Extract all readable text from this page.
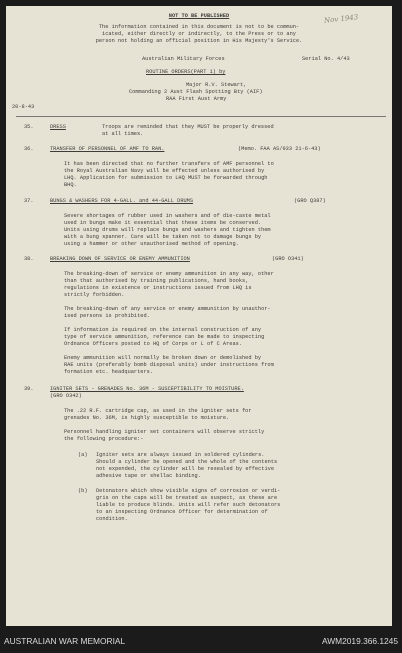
Nov 1943
NOT TO BE PUBLISHED
The information contained in this document is not to be commun-
icated, either directly or indirectly, to the Press or to any
person not holding an official position in His Majesty's Service.
Australian Military Forces	Serial No. 4/43
ROUTINE ORDERS(PART 1) by
Major R.V. Stewart,
Commanding 2 Aust Flash Spotting Bty (AIF)
RAA First Aust Army
20-8-43
35.	DRESS	Troops are reminded that they MUST be properly dressed
at all times.
36.	TRANSFER OF PERSONNEL OF AMF TO RAN.	(Memo. FAA AS/933 21-6-43)
It has been directed that no further transfers of AMF personnel to
the Royal Australian Navy will be effected unless authorised by
LHQ. Application for submission to LHQ MUST be forwarded through
BHQ.
37.	BUNGS & WASHERS FOR 4-GALL. and 44-GALL DRUMS	(GRO Q387)
Severe shortages of rubber used in washers and of die-caste metal
used in bungs make it essential that these items be conserved.
Units using drums will replace bungs and washers and tighten them
with a bung spanner. Care will be taken not to damage bungs by
using a hammer or other unauthorised method of opening.
38.	BREAKING DOWN OF SERVICE OR ENEMY AMMUNITION	(GRO O341)
The breaking-down of service or enemy ammunition in any way, other
than that authorised by training publications, hand books,
regulations in existence or instructions issued from LHQ is
strictly forbidden.
The breaking-down of any service or enemy ammunition by unauthor-
ised persons is prohibited.
If information is required on the internal construction of any
type of service ammunition, reference can be made to inspecting
Ordnance Officers posted to HQ of Corps or L of C Areas.
Enemy ammunition will normally be broken down or demolished by
RAE units (preferably bomb disposal units) under instructions from
formation etc. headquarters.
39.	IGNITER SETS - GRENADES No. 36M - SUSCEPTIBILITY TO MOISTURE.
(GRO O342)
The .22 R.F. cartridge cap, as used in the igniter sets for
grenades No. 36M, is highly susceptible to moisture.
Personnel handling igniter set containers will observe strictly
the following procedure:-
(a) Igniter sets are always issued in soldered cylinders.
Should a cylinder be opened and the whole of the contents
not expended, the cylinder will be resealed by effective
adhesive tape or shellac binding.
(b) Detonators which show visible signs of corrosion or verdi-
gris on the caps will be treated as suspect, as these are
liable to produce blinds. Units will refer such detonators
to an inspecting Ordnance Officer for determination of
condition.
AUSTRALIAN WAR MEMORIAL	AWM2019.366.1245
